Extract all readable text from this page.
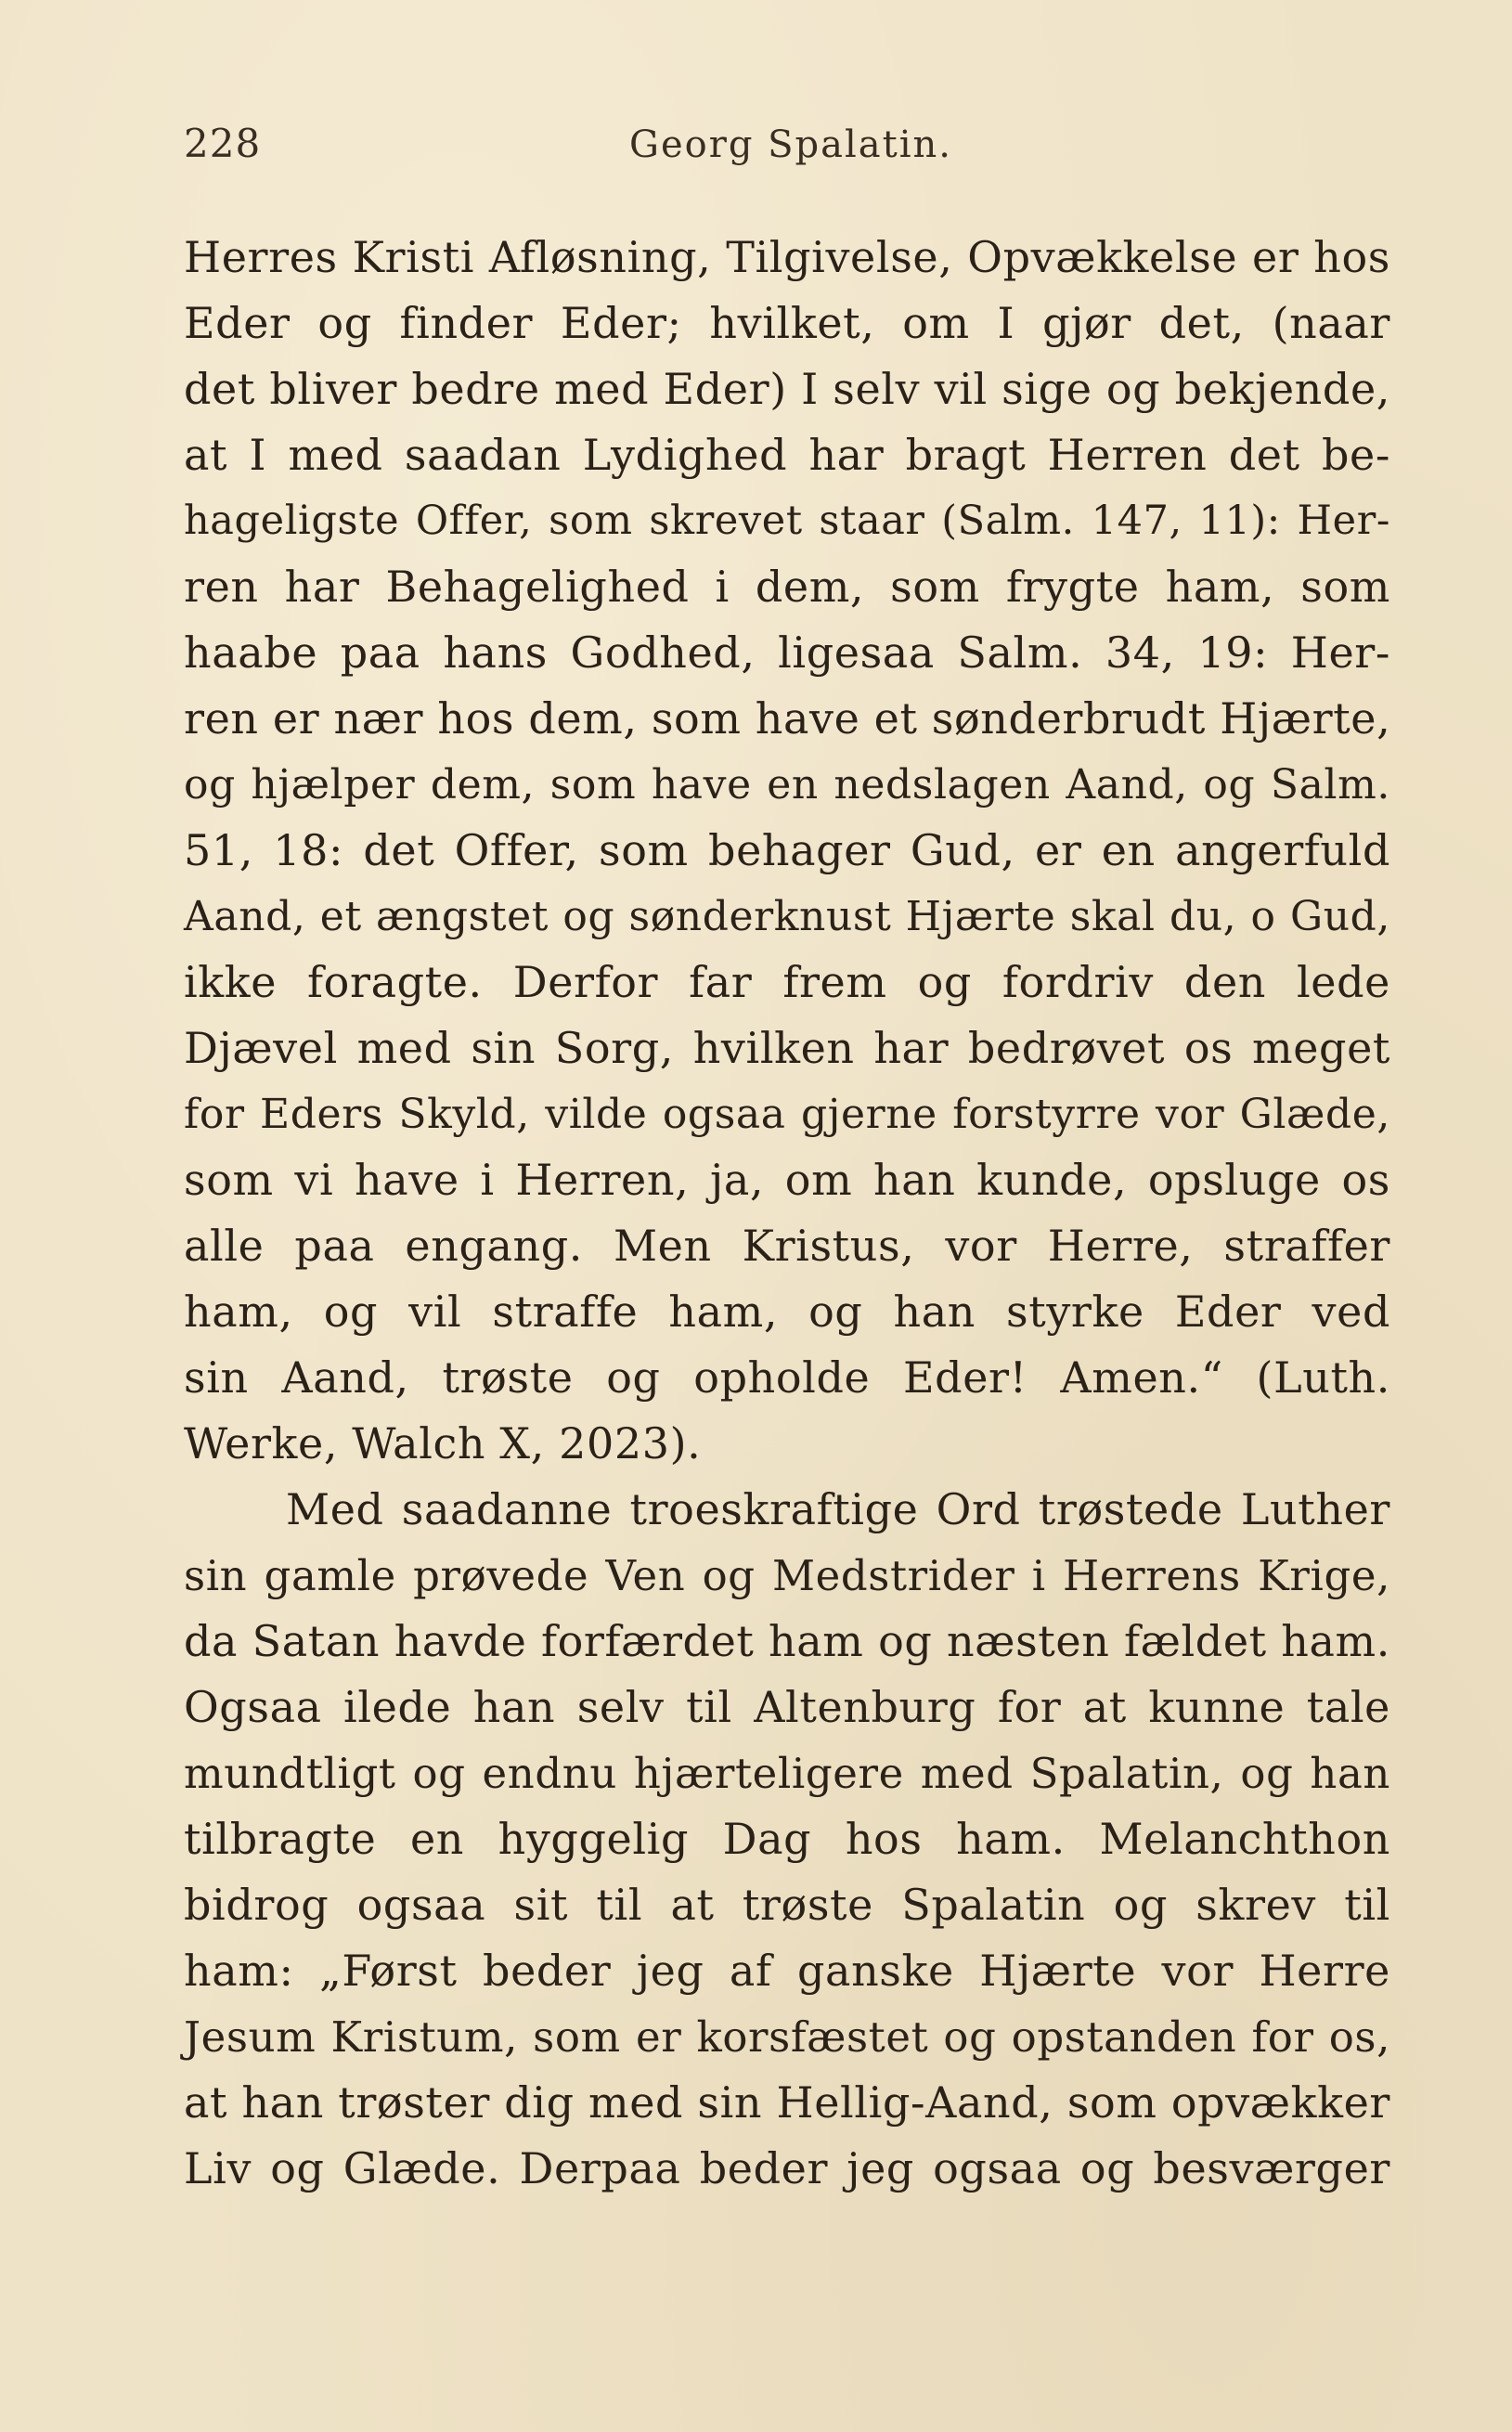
228	Georg Spalatin.
Herres Kristi Afløsning, Tilgivelse, Opvækkelse er hos
Eder og finder Eder; hvilket, om I gjør det, (naar
det bliver bedre med Eder) I selv vil sige og bekjende,
at I med saadan Lydighed har bragt Herren det be-
hageligste Offer, som skrevet staar (Salm. 147, 11): Her-
ren har Behagelighed i dem, som frygte ham, som
haabe paa hans Godhed, ligesaa Salm. 34, 19: Her-
ren er nær hos dem, som have et sønderbrudt Hjærte,
og hjælper dem, som have en nedslagen Aand, og Salm.
51, 18: det Offer, som behager Gud, er en angerfuld
Aand, et ængstet og sønderknust Hjærte skal du, o Gud,
ikke foragte. Derfor far frem og fordriv den lede
Djævel med sin Sorg, hvilken har bedrøvet os meget
for Eders Skyld, vilde ogsaa gjerne forstyrre vor Glæde,
som vi have i Herren, ja, om han kunde, opsluge os
alle paa engang. Men Kristus, vor Herre, straffer
ham, og vil straffe ham, og han styrke Eder ved
sin Aand, trøste og opholde Eder! Amen.“ (Luth.
Werke, Walch X, 2023).
Med saadanne troeskraftige Ord trøstede Luther
sin gamle prøvede Ven og Medstrider i Herrens Krige,
da Satan havde forfærdet ham og næsten fældet ham.
Ogsaa ilede han selv til Altenburg for at kunne tale
mundtligt og endnu hjærteligere med Spalatin, og han
tilbragte en hyggelig Dag hos ham. Melanchthon
bidrog ogsaa sit til at trøste Spalatin og skrev til
ham: „Først beder jeg af ganske Hjærte vor Herre
Jesum Kristum, som er korsfæstet og opstanden for os,
at han trøster dig med sin Hellig-Aand, som opvækker
Liv og Glæde. Derpaa beder jeg ogsaa og besværger
